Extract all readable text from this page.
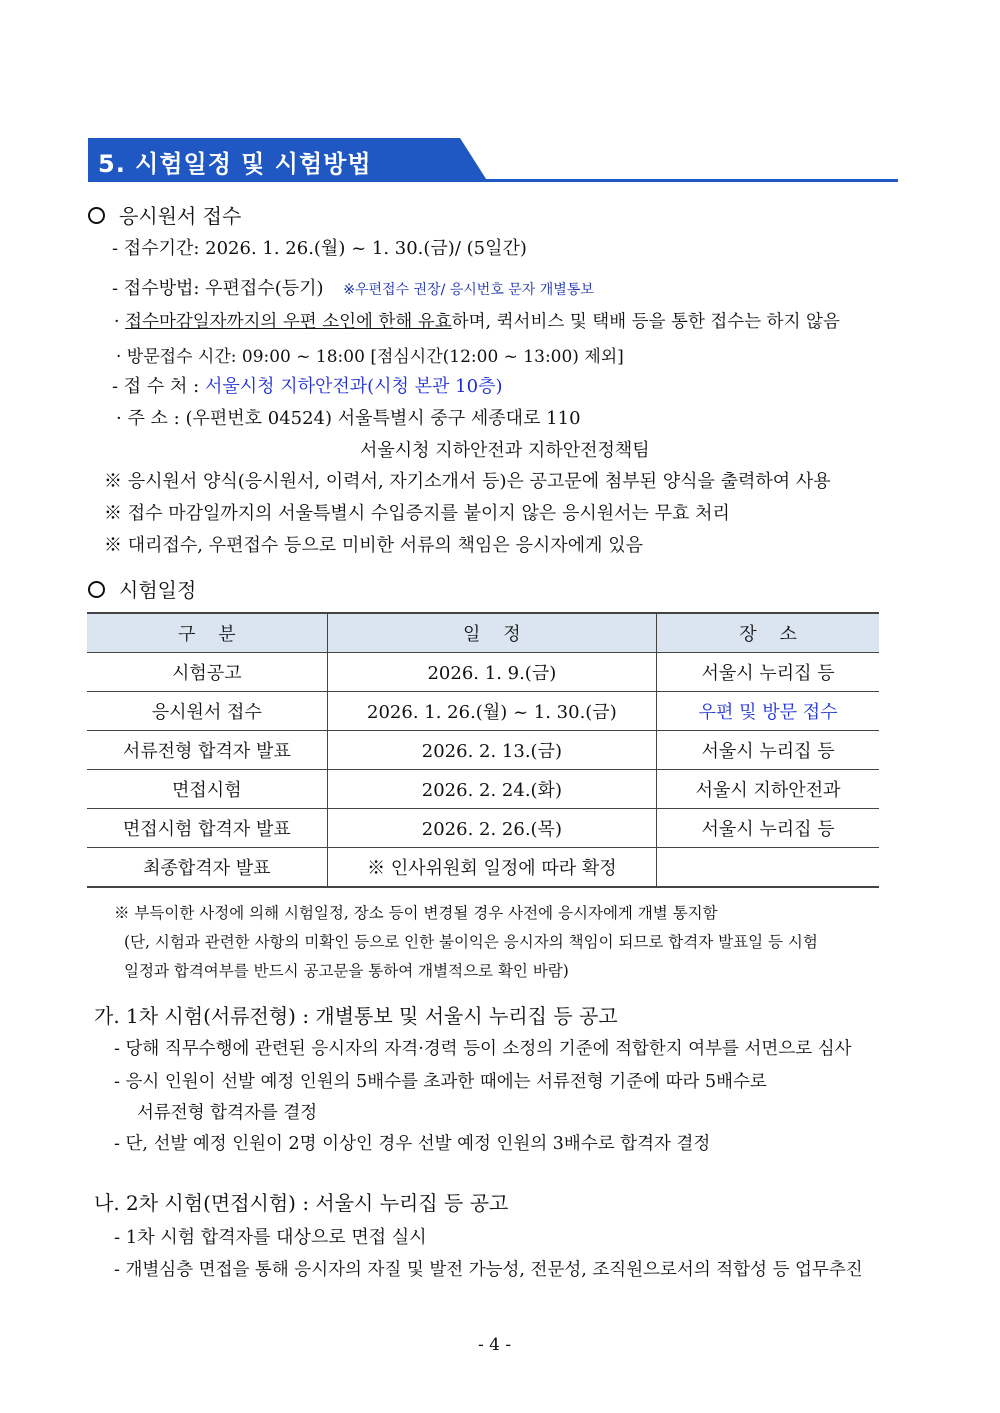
5. 시험일정 및 시험방법
응시원서 접수
- 접수기간: 2026. 1. 26.(월) ~ 1. 30.(금)/ (5일간)
- 접수방법: 우편접수(등기) ※우편접수 권장/ 응시번호 문자 개별통보
· 접수마감일자까지의 우편 소인에 한해 유효하며, 퀵서비스 및 택배 등을 통한 접수는 하지 않음
· 방문접수 시간: 09:00 ~ 18:00 [점심시간(12:00 ~ 13:00) 제외]
- 접 수 처 : 서울시청 지하안전과(시청 본관 10층)
· 주 소 : (우편번호 04524) 서울특별시 중구 세종대로 110
서울시청 지하안전과 지하안전정책팀
※ 응시원서 양식(응시원서, 이력서, 자기소개서 등)은 공고문에 첨부된 양식을 출력하여 사용
※ 접수 마감일까지의 서울특별시 수입증지를 붙이지 않은 응시원서는 무효 처리
※ 대리접수, 우편접수 등으로 미비한 서류의 책임은 응시자에게 있음
시험일정
구    분	일    정	장    소
시험공고	2026. 1. 9.(금)	서울시 누리집 등
응시원서 접수	2026. 1. 26.(월) ~ 1. 30.(금)	우편 및 방문 접수
서류전형 합격자 발표	2026. 2. 13.(금)	서울시 누리집 등
면접시험	2026. 2. 24.(화)	서울시 지하안전과
면접시험 합격자 발표	2026. 2. 26.(목)	서울시 누리집 등
최종합격자 발표	※ 인사위원회 일정에 따라 확정	
※ 부득이한 사정에 의해 시험일정, 장소 등이 변경될 경우 사전에 응시자에게 개별 통지함
(단, 시험과 관련한 사항의 미확인 등으로 인한 불이익은 응시자의 책임이 되므로 합격자 발표일 등 시험
일정과 합격여부를 반드시 공고문을 통하여 개별적으로 확인 바람)
가. 1차 시험(서류전형) : 개별통보 및 서울시 누리집 등 공고
- 당해 직무수행에 관련된 응시자의 자격·경력 등이 소정의 기준에 적합한지 여부를 서면으로 심사
- 응시 인원이 선발 예정 인원의 5배수를 초과한 때에는 서류전형 기준에 따라 5배수로
서류전형 합격자를 결정
- 단, 선발 예정 인원이 2명 이상인 경우 선발 예정 인원의 3배수로 합격자 결정
나. 2차 시험(면접시험) : 서울시 누리집 등 공고
- 1차 시험 합격자를 대상으로 면접 실시
- 개별심층 면접을 통해 응시자의 자질 및 발전 가능성, 전문성, 조직원으로서의 적합성 등 업무추진
- 4 -
